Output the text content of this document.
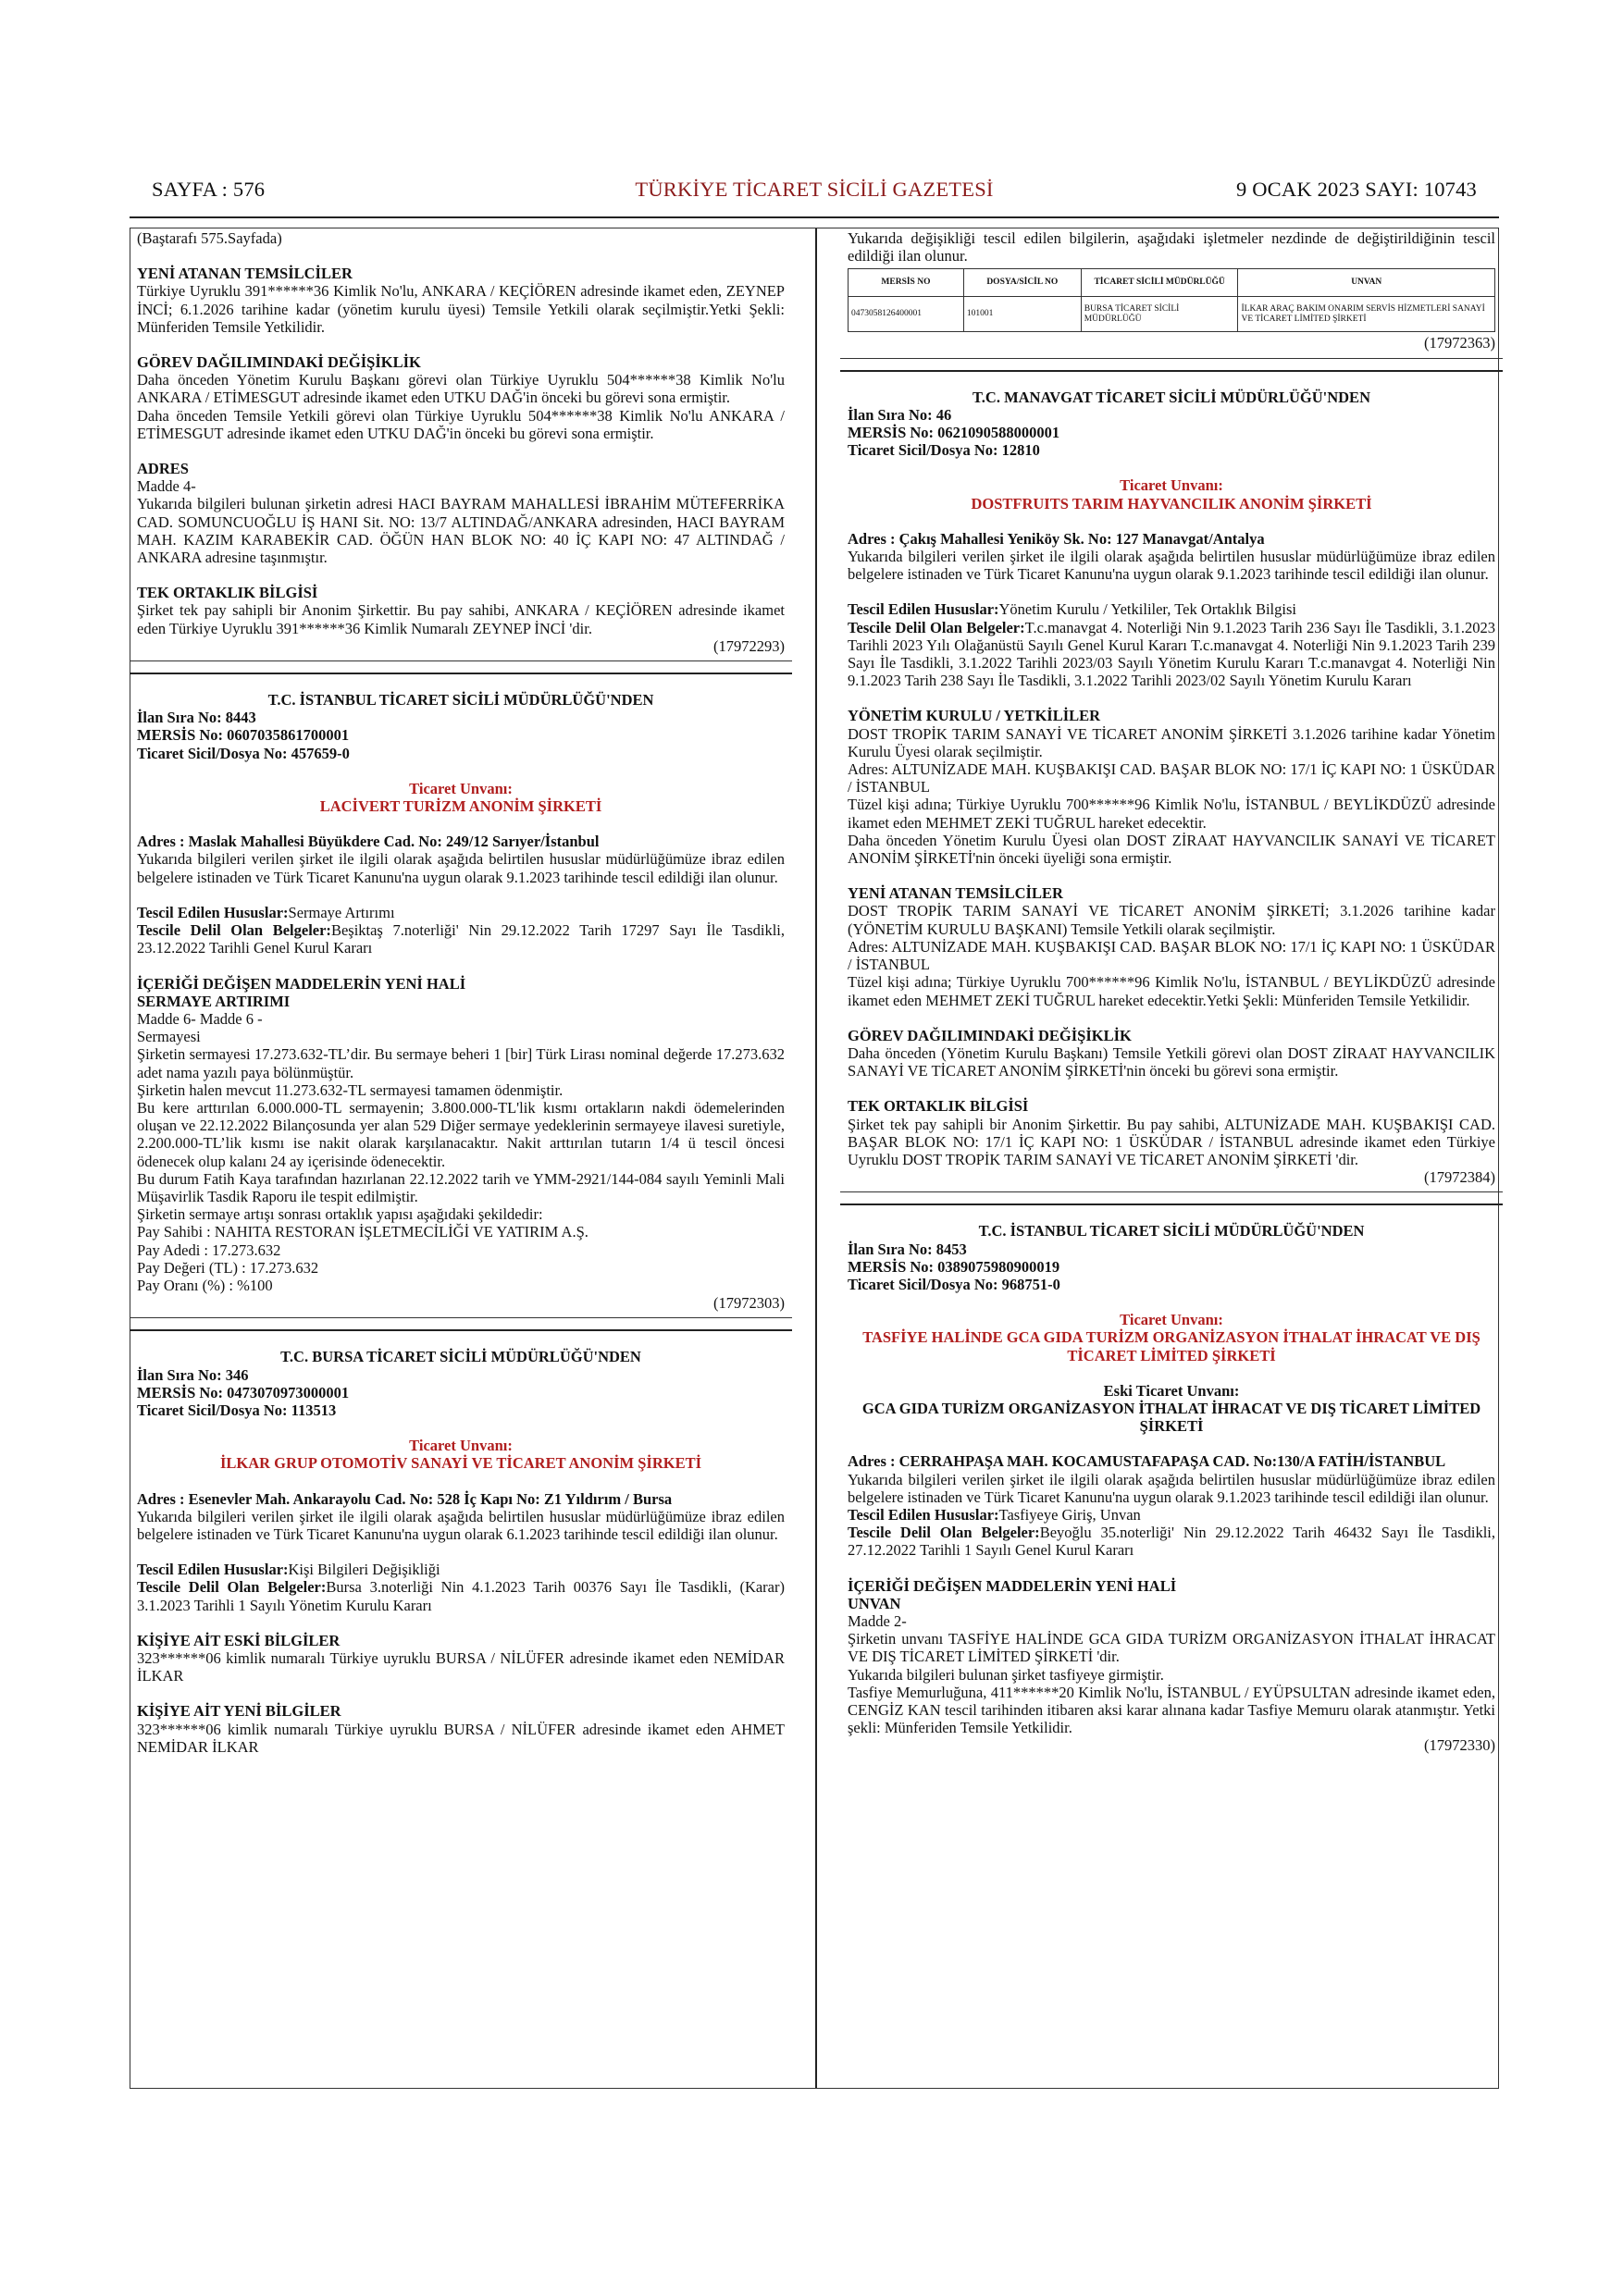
TÜRKİYE TİCARET SİCİLİ GAZETESİ
SAYFA : 576	9 OCAK 2023 SAYI: 10743

(Baştarafı 575.Sayfada)

YENİ ATANAN TEMSİLCİLER

Türkiye Uyruklu 391******36 Kimlik No'lu, ANKARA / KEÇİÖREN adresinde ikamet eden, ZEYNEP İNCİ; 6.1.2026 tarihine kadar (yönetim kurulu üyesi) Temsile Yetkili olarak seçilmiştir.Yetki Şekli: Münferiden Temsile Yetkilidir.

GÖREV DAĞILIMINDAKİ DEĞİŞİKLİK

Daha önceden Yönetim Kurulu Başkanı görevi olan Türkiye Uyruklu 504******38 Kimlik No'lu ANKARA / ETİMESGUT adresinde ikamet eden UTKU DAĞ'in önceki bu görevi sona ermiştir.

Daha önceden Temsile Yetkili görevi olan Türkiye Uyruklu 504******38 Kimlik No'lu ANKARA / ETİMESGUT adresinde ikamet eden UTKU DAĞ'in önceki bu görevi sona ermiştir.

ADRES

Madde 4-

Yukarıda bilgileri bulunan şirketin adresi HACI BAYRAM MAHALLESİ İBRAHİM MÜTEFERRİKA CAD. SOMUNCUOĞLU İŞ HANI Sit. NO: 13/7 ALTINDAĞ/ANKARA adresinden, HACI BAYRAM MAH. KAZIM KARABEKİR CAD. ÖĞÜN HAN BLOK NO: 40 İÇ KAPI NO: 47 ALTINDAĞ / ANKARA adresine taşınmıştır.

TEK ORTAKLIK BİLGİSİ

Şirket tek pay sahipli bir Anonim Şirkettir. Bu pay sahibi, ANKARA / KEÇİÖREN adresinde ikamet eden Türkiye Uyruklu 391******36 Kimlik Numaralı ZEYNEP İNCİ 'dir.

(17972293)

T.C. İSTANBUL TİCARET SİCİLİ MÜDÜRLÜĞÜ'NDEN

İlan Sıra No: 8443

MERSİS No: 0607035861700001

Ticaret Sicil/Dosya No: 457659-0

Ticaret Unvanı:

LACİVERT TURİZM ANONİM ŞİRKETİ

Adres : Maslak Mahallesi Büyükdere Cad. No: 249/12 Sarıyer/İstanbul

Yukarıda bilgileri verilen şirket ile ilgili olarak aşağıda belirtilen hususlar müdürlüğümüze ibraz edilen belgelere istinaden ve Türk Ticaret Kanunu'na uygun olarak 9.1.2023 tarihinde tescil edildiği ilan olunur.

Tescil Edilen Hususlar:Sermaye Artırımı

Tescile Delil Olan Belgeler:Beşiktaş 7.noterliği' Nin 29.12.2022 Tarih 17297 Sayı İle Tasdikli, 23.12.2022 Tarihli Genel Kurul Kararı

İÇERİĞİ DEĞİŞEN MADDELERİN YENİ HALİ

SERMAYE ARTIRIMI

Madde 6- Madde 6 -

Sermayesi

Şirketin sermayesi 17.273.632-TL’dir. Bu sermaye beheri 1 [bir] Türk Lirası nominal değerde 17.273.632 adet nama yazılı paya bölünmüştür.

Şirketin halen mevcut 11.273.632-TL sermayesi tamamen ödenmiştir.

Bu kere arttırılan 6.000.000-TL sermayenin; 3.800.000-TL'lik kısmı ortakların nakdi ödemelerinden oluşan ve 22.12.2022 Bilançosunda yer alan 529 Diğer sermaye yedeklerinin sermayeye ilavesi suretiyle, 2.200.000-TL’lik kısmı ise nakit olarak karşılanacaktır. Nakit arttırılan tutarın 1/4 ü tescil öncesi ödenecek olup kalanı 24 ay içerisinde ödenecektir.

Bu durum Fatih Kaya tarafından hazırlanan 22.12.2022 tarih ve YMM-2921/144-084 sayılı Yeminli Mali Müşavirlik Tasdik Raporu ile tespit edilmiştir.

Şirketin sermaye artışı sonrası ortaklık yapısı aşağıdaki şekildedir:

Pay Sahibi : NAHITA RESTORAN İŞLETMECİLİĞİ VE YATIRIM A.Ş.

Pay Adedi : 17.273.632

Pay Değeri (TL) : 17.273.632

Pay Oranı (%) : %100

(17972303)

T.C. BURSA TİCARET SİCİLİ MÜDÜRLÜĞÜ'NDEN

İlan Sıra No: 346

MERSİS No: 0473070973000001

Ticaret Sicil/Dosya No: 113513

Ticaret Unvanı:

İLKAR GRUP OTOMOTİV SANAYİ VE TİCARET ANONİM ŞİRKETİ

Adres : Esenevler Mah. Ankarayolu Cad. No: 528 İç Kapı No: Z1 Yıldırım / Bursa

Yukarıda bilgileri verilen şirket ile ilgili olarak aşağıda belirtilen hususlar müdürlüğümüze ibraz edilen belgelere istinaden ve Türk Ticaret Kanunu'na uygun olarak 6.1.2023 tarihinde tescil edildiği ilan olunur.

Tescil Edilen Hususlar:Kişi Bilgileri Değişikliği

Tescile Delil Olan Belgeler:Bursa 3.noterliği Nin 4.1.2023 Tarih 00376 Sayı İle Tasdikli, (Karar) 3.1.2023 Tarihli 1 Sayılı Yönetim Kurulu Kararı

KİŞİYE AİT ESKİ BİLGİLER

323******06 kimlik numaralı Türkiye uyruklu BURSA / NİLÜFER adresinde ikamet eden NEMİDAR İLKAR

KİŞİYE AİT YENİ BİLGİLER

323******06 kimlik numaralı Türkiye uyruklu BURSA / NİLÜFER adresinde ikamet eden AHMET NEMİDAR İLKAR

Yukarıda değişikliği tescil edilen bilgilerin, aşağıdaki işletmeler nezdinde de değiştirildiğinin tescil edildiği ilan olunur.

MERSİS NO	DOSYA/SİCİL NO	TİCARET SİCİLİ MÜDÜRLÜĞÜ	UNVAN
0473058126400001	101001	BURSA TİCARET SİCİLİ MÜDÜRLÜĞÜ	İLKAR ARAÇ BAKIM ONARIM SERVİS HİZMETLERİ SANAYİ VE TİCARET LİMİTED ŞİRKETİ

(17972363)

T.C. MANAVGAT TİCARET SİCİLİ MÜDÜRLÜĞÜ'NDEN

İlan Sıra No: 46

MERSİS No: 0621090588000001

Ticaret Sicil/Dosya No: 12810

Ticaret Unvanı:

DOSTFRUITS TARIM HAYVANCILIK ANONİM ŞİRKETİ

Adres : Çakış Mahallesi Yeniköy Sk. No: 127 Manavgat/Antalya

Yukarıda bilgileri verilen şirket ile ilgili olarak aşağıda belirtilen hususlar müdürlüğümüze ibraz edilen belgelere istinaden ve Türk Ticaret Kanunu'na uygun olarak 9.1.2023 tarihinde tescil edildiği ilan olunur.

Tescil Edilen Hususlar:Yönetim Kurulu / Yetkililer, Tek Ortaklık Bilgisi

Tescile Delil Olan Belgeler:T.c.manavgat 4. Noterliği Nin 9.1.2023 Tarih 236 Sayı İle Tasdikli, 3.1.2023 Tarihli 2023 Yılı Olağanüstü Sayılı Genel Kurul Kararı T.c.manavgat 4. Noterliği Nin 9.1.2023 Tarih 239 Sayı İle Tasdikli, 3.1.2022 Tarihli 2023/03 Sayılı Yönetim Kurulu Kararı T.c.manavgat 4. Noterliği Nin 9.1.2023 Tarih 238 Sayı İle Tasdikli, 3.1.2022 Tarihli 2023/02 Sayılı Yönetim Kurulu Kararı

YÖNETİM KURULU / YETKİLİLER

DOST TROPİK TARIM SANAYİ VE TİCARET ANONİM ŞİRKETİ 3.1.2026 tarihine kadar Yönetim Kurulu Üyesi olarak seçilmiştir.

Adres: ALTUNİZADE MAH. KUŞBAKIŞI CAD. BAŞAR BLOK NO: 17/1 İÇ KAPI NO: 1 ÜSKÜDAR / İSTANBUL

Tüzel kişi adına; Türkiye Uyruklu 700******96 Kimlik No'lu, İSTANBUL / BEYLİKDÜZÜ adresinde ikamet eden MEHMET ZEKİ TUĞRUL hareket edecektir.

Daha önceden Yönetim Kurulu Üyesi olan DOST ZİRAAT HAYVANCILIK SANAYİ VE TİCARET ANONİM ŞİRKETİ'nin önceki üyeliği sona ermiştir.

YENİ ATANAN TEMSİLCİLER

DOST TROPİK TARIM SANAYİ VE TİCARET ANONİM ŞİRKETİ; 3.1.2026 tarihine kadar (YÖNETİM KURULU BAŞKANI) Temsile Yetkili olarak seçilmiştir.

Adres: ALTUNİZADE MAH. KUŞBAKIŞI CAD. BAŞAR BLOK NO: 17/1 İÇ KAPI NO: 1 ÜSKÜDAR / İSTANBUL

Tüzel kişi adına; Türkiye Uyruklu 700******96 Kimlik No'lu, İSTANBUL / BEYLİKDÜZÜ adresinde ikamet eden MEHMET ZEKİ TUĞRUL hareket edecektir.Yetki Şekli: Münferiden Temsile Yetkilidir.

GÖREV DAĞILIMINDAKİ DEĞİŞİKLİK

Daha önceden (Yönetim Kurulu Başkanı) Temsile Yetkili görevi olan DOST ZİRAAT HAYVANCILIK SANAYİ VE TİCARET ANONİM ŞİRKETİ'nin önceki bu görevi sona ermiştir.

TEK ORTAKLIK BİLGİSİ

Şirket tek pay sahipli bir Anonim Şirkettir. Bu pay sahibi, ALTUNİZADE MAH. KUŞBAKIŞI CAD. BAŞAR BLOK NO: 17/1 İÇ KAPI NO: 1 ÜSKÜDAR / İSTANBUL adresinde ikamet eden Türkiye Uyruklu DOST TROPİK TARIM SANAYİ VE TİCARET ANONİM ŞİRKETİ 'dir.

(17972384)

T.C. İSTANBUL TİCARET SİCİLİ MÜDÜRLÜĞÜ'NDEN

İlan Sıra No: 8453

MERSİS No: 0389075980900019

Ticaret Sicil/Dosya No: 968751-0

Ticaret Unvanı:

TASFİYE HALİNDE GCA GIDA TURİZM ORGANİZASYON İTHALAT İHRACAT VE DIŞ TİCARET LİMİTED ŞİRKETİ

Eski Ticaret Unvanı:

GCA GIDA TURİZM ORGANİZASYON İTHALAT İHRACAT VE DIŞ TİCARET LİMİTED ŞİRKETİ

Adres : CERRAHPAŞA MAH. KOCAMUSTAFAPAŞA CAD. No:130/A FATİH/İSTANBUL

Yukarıda bilgileri verilen şirket ile ilgili olarak aşağıda belirtilen hususlar müdürlüğümüze ibraz edilen belgelere istinaden ve Türk Ticaret Kanunu'na uygun olarak 9.1.2023 tarihinde tescil edildiği ilan olunur.

Tescil Edilen Hususlar:Tasfiyeye Giriş, Unvan

Tescile Delil Olan Belgeler:Beyoğlu 35.noterliği' Nin 29.12.2022 Tarih 46432 Sayı İle Tasdikli, 27.12.2022 Tarihli 1 Sayılı Genel Kurul Kararı

İÇERİĞİ DEĞİŞEN MADDELERİN YENİ HALİ

UNVAN

Madde 2-

Şirketin unvanı TASFİYE HALİNDE GCA GIDA TURİZM ORGANİZASYON İTHALAT İHRACAT VE DIŞ TİCARET LİMİTED ŞİRKETİ 'dir.

Yukarıda bilgileri bulunan şirket tasfiyeye girmiştir.

Tasfiye Memurluğuna, 411******20 Kimlik No'lu, İSTANBUL / EYÜPSULTAN adresinde ikamet eden, CENGİZ KAN tescil tarihinden itibaren aksi karar alınana kadar Tasfiye Memuru olarak atanmıştır. Yetki şekli: Münferiden Temsile Yetkilidir.

(17972330)
